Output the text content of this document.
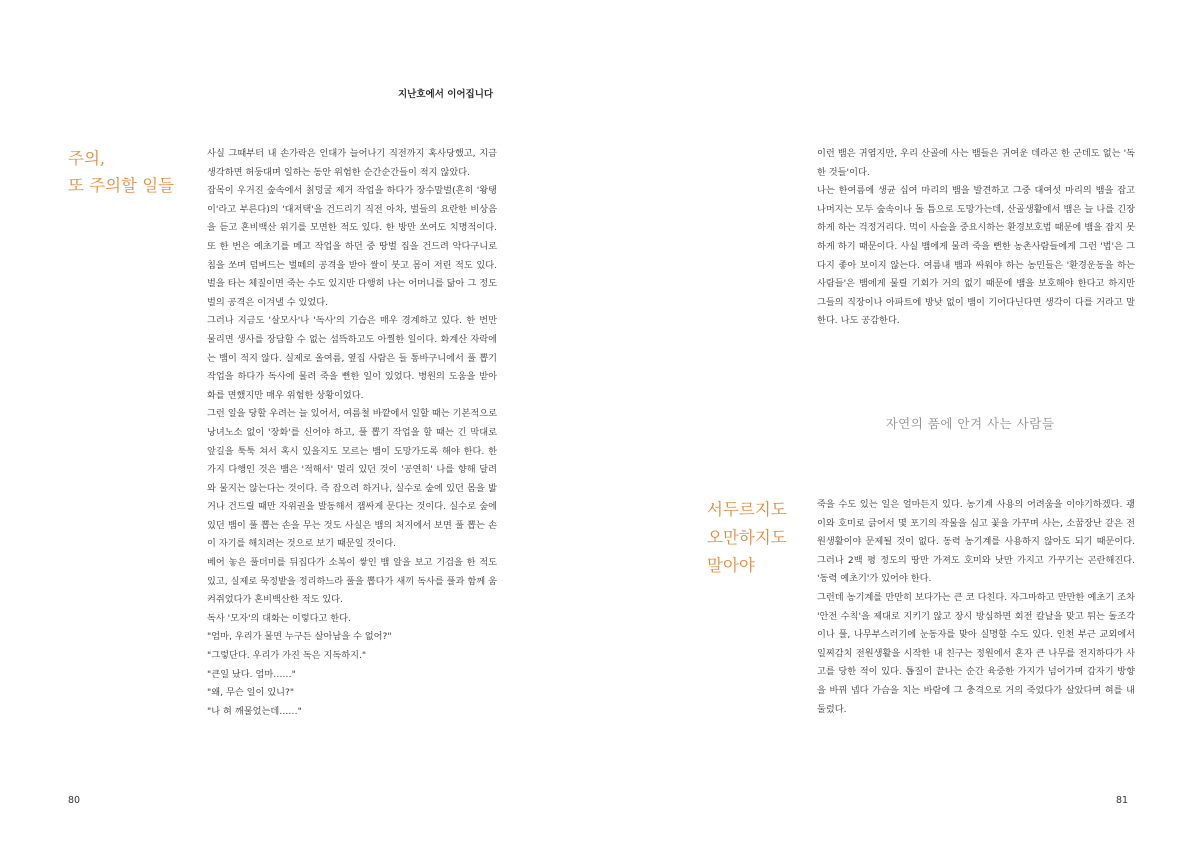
지난호에서 이어집니다
주의,
또 주의할 일들

사실 그때부터 내 손가락은 인대가 늘어나기 직전까지 혹사당했고, 지금 생각하면 허둥대며 일하는 동안 위험한 순간순간들이 적지 않았다.

잡목이 우거진 숲속에서 칡덩굴 제거 작업을 하다가 장수말벌(흔히 '왕탱이'라고 부른다)의 '대저택'을 건드리기 직전 아차, 벌들의 요란한 비상음을 듣고 혼비백산 위기를 모면한 적도 있다. 한 방만 쏘여도 치명적이다. 또 한 번은 예초기를 메고 작업을 하던 중 땅벌 집을 건드려 악다구니로 침을 쏘며 덤벼드는 벌떼의 공격을 받아 쌀이 붓고 몸이 저린 적도 있다. 벌을 타는 체질이면 죽는 수도 있지만 다행히 나는 어머니를 닮아 그 정도 벌의 공격은 이겨낼 수 있었다.

그러나 지금도 '살모사'나 '독사'의 기습은 매우 경계하고 있다. 한 번만 물리면 생사를 장담할 수 없는 섬뜩하고도 아찔한 일이다. 화계산 자락에는 뱀이 적지 않다. 실제로 올여름, 옆집 사람은 들 통바구니에서 풀 뽑기 작업을 하다가 독사에 물려 죽을 뻔한 일이 있었다. 병원의 도움을 받아 화를 면했지만 매우 위험한 상황이었다.

그런 일을 당할 우려는 늘 있어서, 여름철 바깥에서 일할 때는 기본적으로 낭녀노소 없이 '장화'를 신어야 하고, 풀 뽑기 작업을 할 때는 긴 막대로 앞길을 툭툭 쳐서 혹시 있을지도 모르는 뱀이 도망가도록 해야 한다. 한 가지 다행인 것은 뱀은 '적해서' 멀리 있던 것이 '공연히' 나를 향해 달려와 물지는 않는다는 것이다. 즉 잡으려 하거나, 실수로 숲에 있던 몸을 밟거나 건드릴 때만 자위권을 발동해서 잽싸게 문다는 것이다. 실수로 숲에 있던 뱀이 풀 뽑는 손을 무는 것도 사실은 뱀의 처지에서 보면 풀 뽑는 손이 자기를 해치려는 것으로 보기 때문일 것이다.

베어 놓은 풀더미를 뒤집다가 소복이 쌓인 뱀 알을 보고 기겁을 한 적도 있고, 실제로 묵정밭을 정리하느라 풀을 뽑다가 새끼 독사를 풀과 함께 움켜쥐었다가 혼비백산한 적도 있다.

독사 '모자'의 대화는 이렇다고 한다.

"엄마, 우리가 물면 누구든 살아남을 수 없어?"

"그렇단다. 우리가 가진 독은 지독하지."

"큰일 났다. 엄마……"

"왜, 무슨 일이 있니?"

"나 혀 깨물었는데……"

80

이런 뱀은 귀엽지만, 우리 산골에 사는 뱀들은 귀여운 데라곤 한 군데도 없는 '독한 것들'이다.

나는 한여름에 생균 십여 마리의 뱀을 발견하고 그중 대여섯 마리의 뱀을 잡고 나머지는 모두 숲속이나 돌 틈으로 도망가는데, 산골생활에서 뱀은 늘 나를 긴장하게 하는 걱정거리다. 먹이 사슬을 중요시하는 환경보호법 때문에 뱀을 잡지 못하게 하기 때문이다. 사실 뱀에게 물려 죽을 뻔한 농촌사람들에게 그런 '법'은 그다지 좋아 보이지 않는다. 여름내 뱀과 싸워야 하는 농민들은 '환경운동을 하는 사람들'은 뱀에게 물릴 기회가 거의 없기 때문에 뱀을 보호해야 한다고 하지만 그들의 직장이나 아파트에 방낮 없이 뱀이 기어다닌다면 생각이 다를 거라고 말한다. 나도 공감한다.

자연의 품에 안겨 사는 사람들
서두르지도
오만하지도
말아야

죽을 수도 있는 일은 얼마든지 있다. 농기계 사용의 어려움을 이야기하겠다. 괭이와 호미로 긁어서 몇 포기의 작물을 심고 꽃을 가꾸며 사는, 소꿉장난 같은 전원생활이야 문제될 것이 없다. 동력 농기계를 사용하지 않아도 되기 때문이다. 그러나 2백 평 정도의 땅만 가져도 호미와 낫만 가지고 가꾸기는 곤란해진다. '동력 예초기'가 있어야 한다.

그런데 농기계를 만만히 보다가는 큰 코 다친다. 자그마하고 만만한 예초기 조차 '안전 수칙'을 제대로 지키기 않고 장시 방심하면 회전 칼날을 맞고 튀는 돌조각이나 풀, 나무부스러기에 눈동자를 맞아 실명할 수도 있다. 인천 부근 교외에서 일찌감치 전원생활을 시작한 내 친구는 정원에서 혼자 큰 나무를 전지하다가 사고를 당한 적이 있다. 톱질이 끝나는 순간 육중한 가지가 넘어가며 갑자기 방향을 바꿔 넵다 가슴을 치는 바람에 그 충격으로 거의 죽었다가 살았다며 혀를 내둘렀다.

81
